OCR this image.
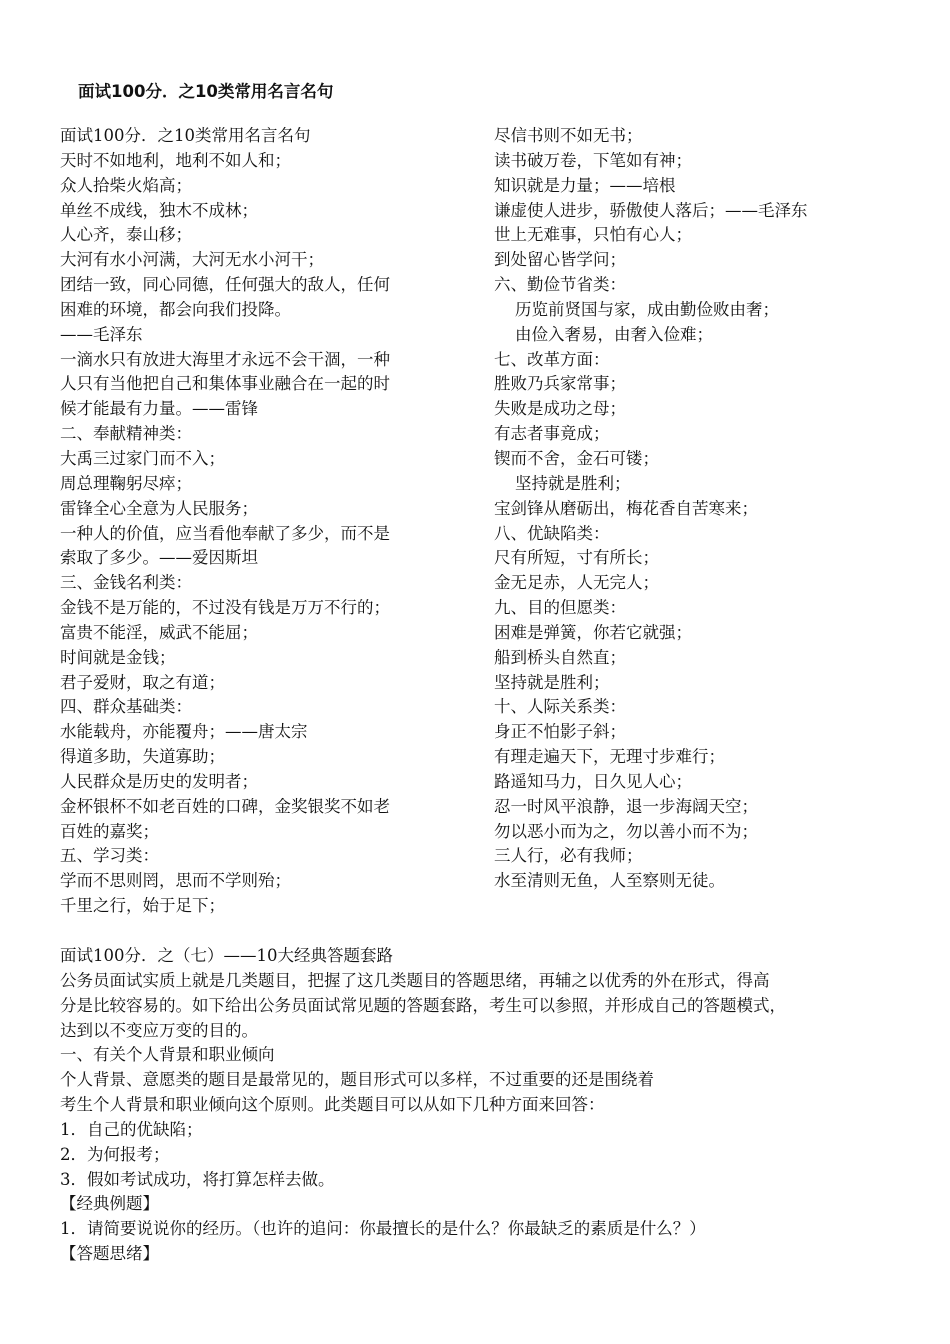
面试100分．之10类常用名言名句
面试100分．之10类常用名言名句
天时不如地利，地利不如人和；
众人拾柴火焰高；
单丝不成线，独木不成林；
人心齐，泰山移；
大河有水小河满，大河无水小河干；
团结一致，同心同德，任何强大的敌人，任何
困难的环境，都会向我们投降。
——毛泽东
一滴水只有放进大海里才永远不会干涸，一种
人只有当他把自己和集体事业融合在一起的时
候才能最有力量。——雷锋
二、奉献精神类：
大禹三过家门而不入；
周总理鞠躬尽瘁；
雷锋全心全意为人民服务；
一种人的价值，应当看他奉献了多少，而不是
索取了多少。——爱因斯坦
三、金钱名利类：
金钱不是万能的，不过没有钱是万万不行的；
富贵不能淫，威武不能屈；
时间就是金钱；
君子爱财，取之有道；
四、群众基础类：
水能载舟，亦能覆舟；——唐太宗
得道多助，失道寡助；
人民群众是历史的发明者；
金杯银杯不如老百姓的口碑，金奖银奖不如老
百姓的嘉奖；
五、学习类：
学而不思则罔，思而不学则殆；
千里之行，始于足下；
尽信书则不如无书；
读书破万卷，下笔如有神；
知识就是力量；——培根
谦虚使人进步，骄傲使人落后；——毛泽东
世上无难事，只怕有心人；
到处留心皆学问；
六、勤俭节省类：
历览前贤国与家，成由勤俭败由奢；
由俭入奢易，由奢入俭难；
七、改革方面：
胜败乃兵家常事；
失败是成功之母；
有志者事竟成；
锲而不舍，金石可镂；
坚持就是胜利；
宝剑锋从磨砺出，梅花香自苦寒来；
八、优缺陷类：
尺有所短，寸有所长；
金无足赤，人无完人；
九、目的但愿类：
困难是弹簧，你若它就强；
船到桥头自然直；
坚持就是胜利；
十、人际关系类：
身正不怕影子斜；
有理走遍天下，无理寸步难行；
路遥知马力，日久见人心；
忍一时风平浪静，退一步海阔天空；
勿以恶小而为之，勿以善小而不为；
三人行，必有我师；
水至清则无鱼，人至察则无徒。
面试100分．之（七）——10大经典答题套路
公务员面试实质上就是几类题目，把握了这几类题目的答题思绪，再辅之以优秀的外在形式，得高
分是比较容易的。如下给出公务员面试常见题的答题套路，考生可以参照，并形成自己的答题模式，
达到以不变应万变的目的。
一、有关个人背景和职业倾向
个人背景、意愿类的题目是最常见的，题目形式可以多样，不过重要的还是围绕着
考生个人背景和职业倾向这个原则。此类题目可以从如下几种方面来回答：
1．自己的优缺陷；
2．为何报考；
3．假如考试成功，将打算怎样去做。
【经典例题】
1．请简要说说你的经历。（也许的追问：你最擅长的是什么？你最缺乏的素质是什么？）
【答题思绪】
